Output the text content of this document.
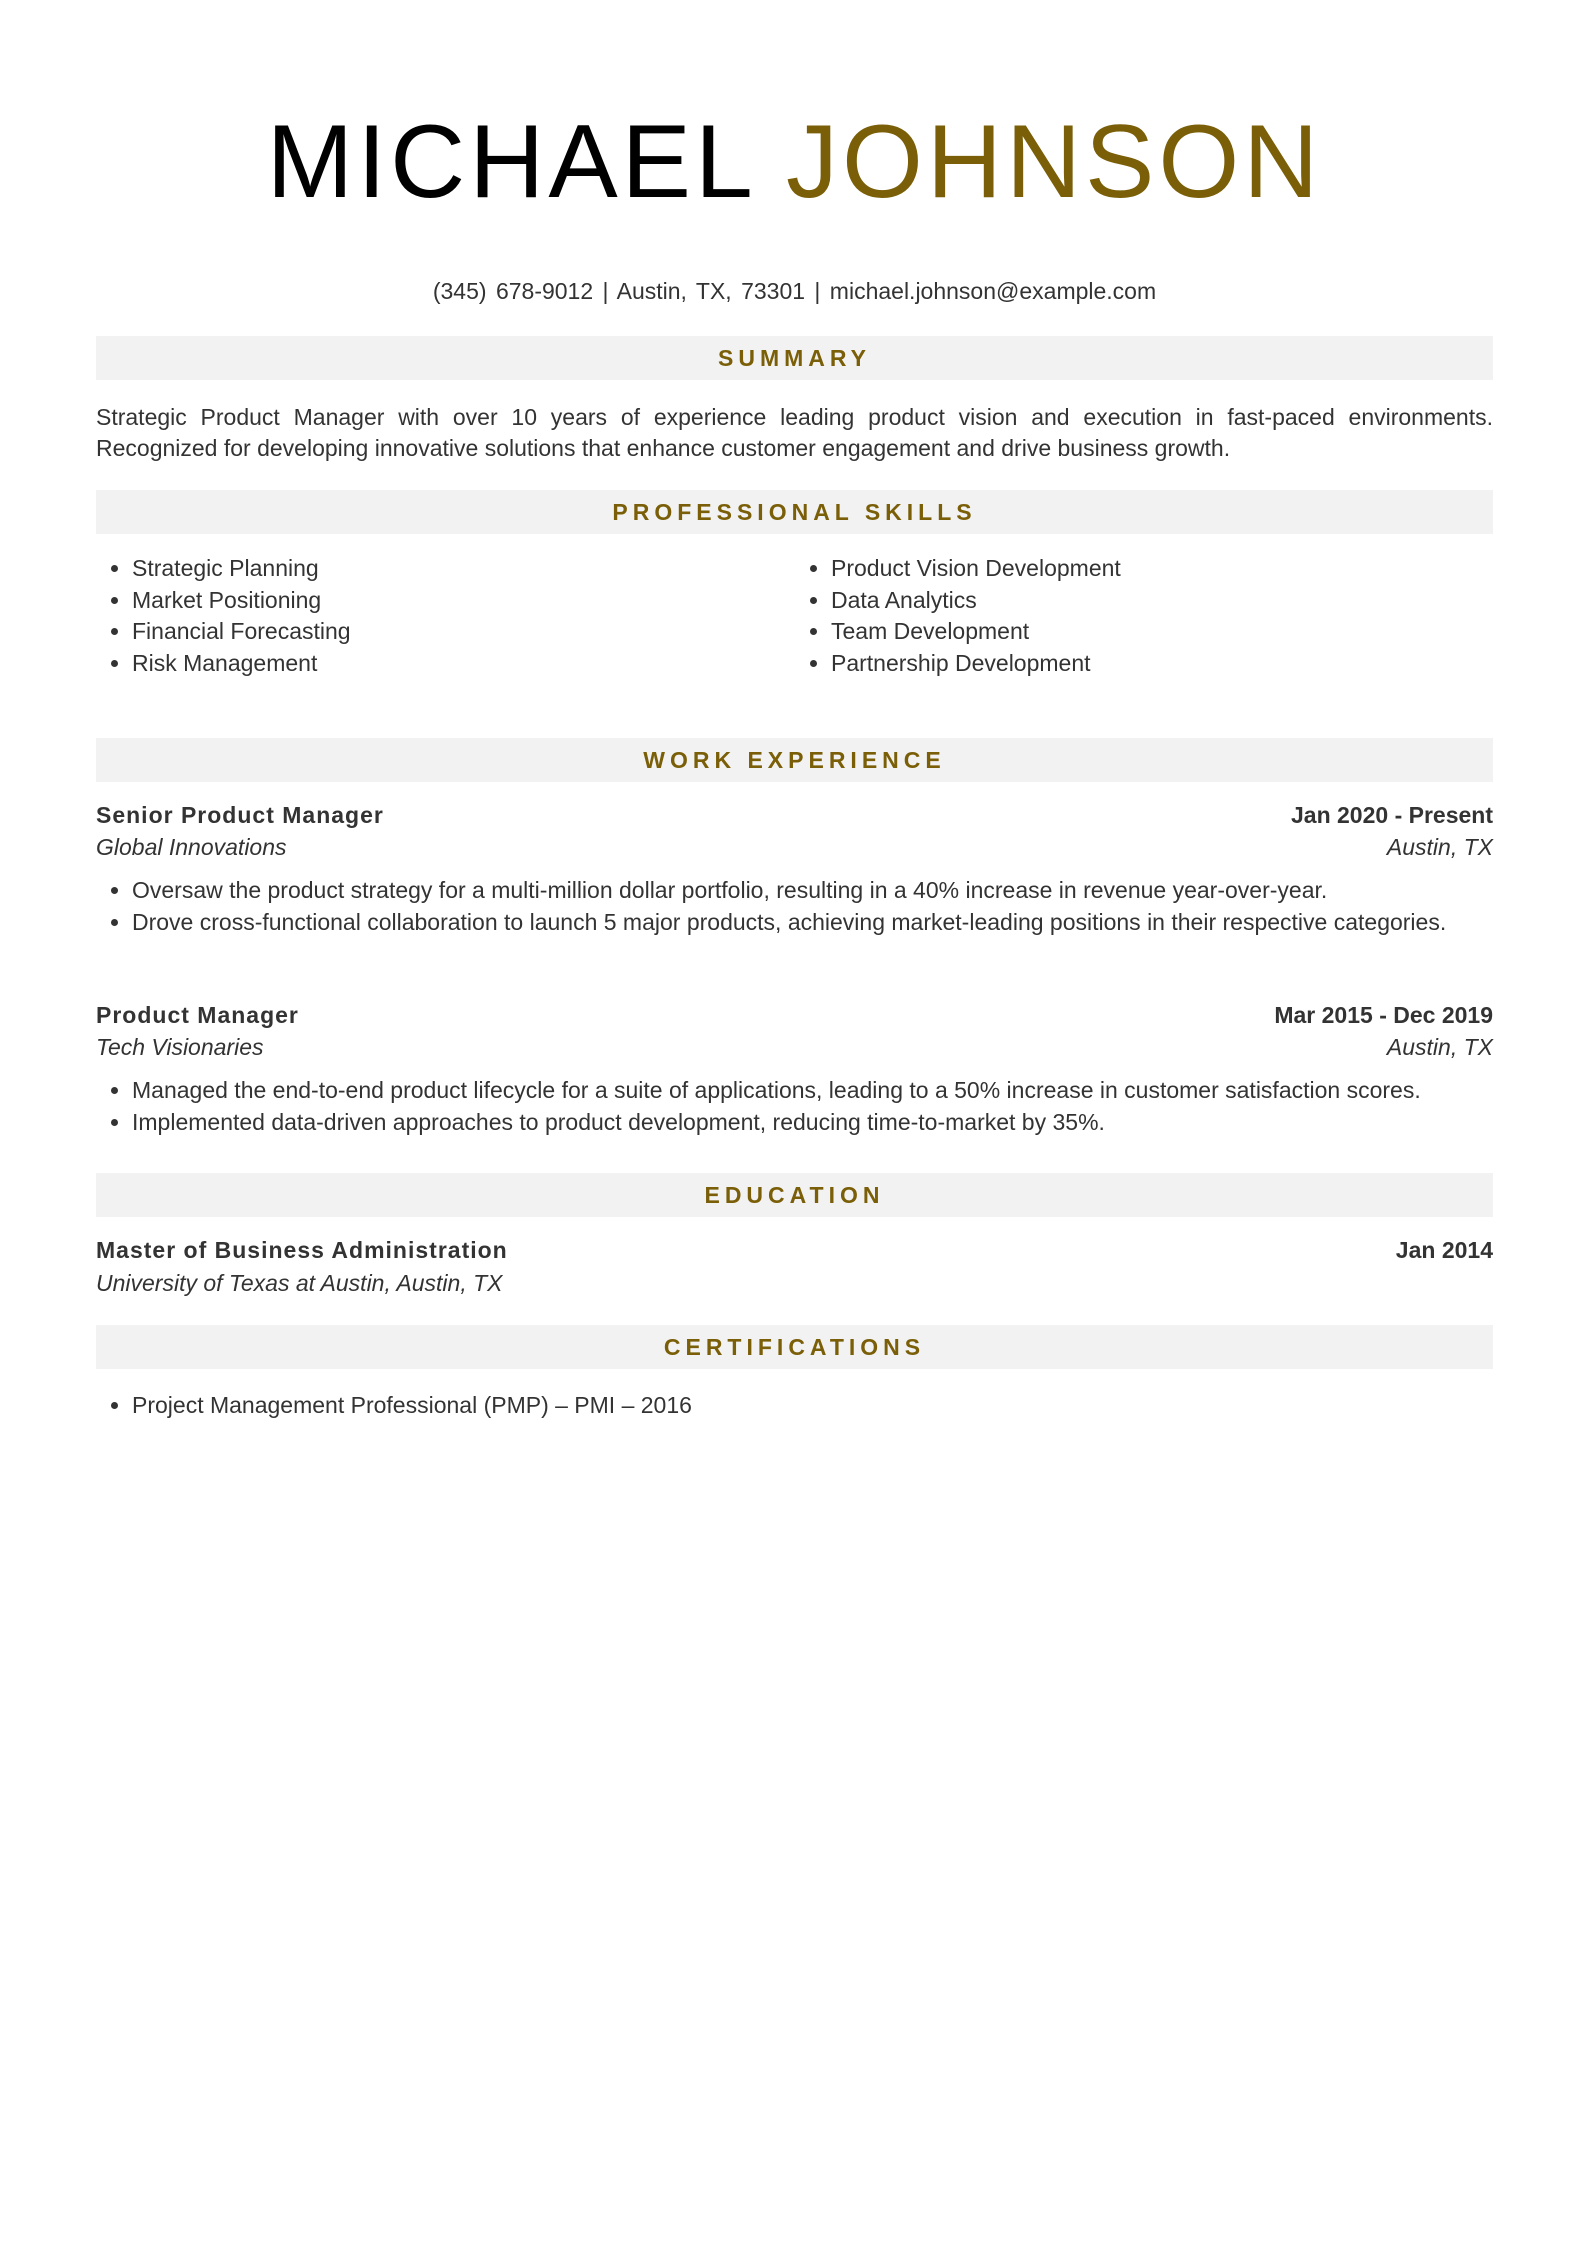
MICHAEL JOHNSON
(345) 678-9012 | Austin, TX, 73301 | michael.johnson@example.com
SUMMARY

Strategic Product Manager with over 10 years of experience leading product vision and execution in fast-paced environments. Recognized for developing innovative solutions that enhance customer engagement and drive business growth.

PROFESSIONAL SKILLS
• Strategic Planning
• Market Positioning
• Financial Forecasting
• Risk Management
• Product Vision Development
• Data Analytics
• Team Development
• Partnership Development
WORK EXPERIENCE
Senior Product Manager	Jan 2020 - Present
Global Innovations	Austin, TX
• Oversaw the product strategy for a multi-million dollar portfolio, resulting in a 40% increase in revenue year-over-year.
• Drove cross-functional collaboration to launch 5 major products, achieving market-leading positions in their respective categories.
Product Manager	Mar 2015 - Dec 2019
Tech Visionaries	Austin, TX
• Managed the end-to-end product lifecycle for a suite of applications, leading to a 50% increase in customer satisfaction scores.
• Implemented data-driven approaches to product development, reducing time-to-market by 35%.
EDUCATION
Master of Business Administration	Jan 2014
University of Texas at Austin, Austin, TX
CERTIFICATIONS
• Project Management Professional (PMP) – PMI – 2016
